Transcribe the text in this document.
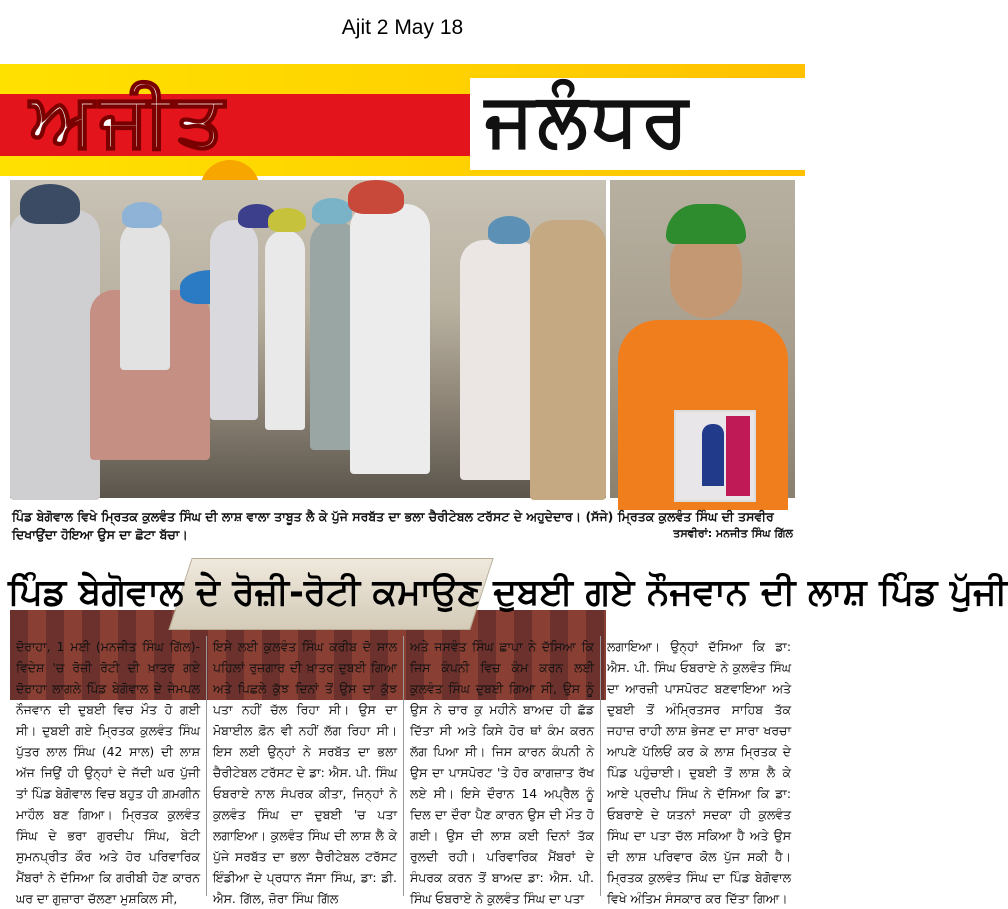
Ajit 2 May 18
ਅਜੀਤ	ਜਲੰਧਰ
ਪਿੰਡ ਬੇਗੋਵਾਲ ਵਿਖੇ ਮ੍ਰਿਤਕ ਕੁਲਵੰਤ ਸਿੰਘ ਦੀ ਲਾਸ਼ ਵਾਲਾ ਤਾਬੂਤ ਲੈ ਕੇ ਪੁੱਜੇ ਸਰਬੱਤ ਦਾ ਭਲਾ ਚੈਰੀਟੇਬਲ ਟਰੱਸਟ ਦੇ ਅਹੁਦੇਦਾਰ। (ਸੱਜੇ) ਮ੍ਰਿਤਕ ਕੁਲਵੰਤ ਸਿੰਘ ਦੀ ਤਸਵੀਰ ਦਿਖਾਉਂਦਾ ਹੋਇਆ ਉਸ ਦਾ ਛੋਟਾ ਬੱਚਾ।	ਤਸਵੀਰਾਂ: ਮਨਜੀਤ ਸਿੰਘ ਗਿੱਲ
ਪਿੰਡ ਬੇਗੋਵਾਲ ਦੇ ਰੋਜ਼ੀ-ਰੋਟੀ ਕਮਾਉਣ ਦੁਬਈ ਗਏ ਨੌਜਵਾਨ ਦੀ ਲਾਸ਼ ਪਿੰਡ ਪੁੱਜੀ
ਦੋਰਾਹਾ, 1 ਮਈ (ਮਨਜੀਤ ਸਿੰਘ ਗਿੱਲ)-ਵਿਦੇਸ਼ 'ਚ ਰੋਜ਼ੀ ਰੋਟੀ ਦੀ ਖ਼ਾਤਰ ਗਏ ਦੋਰਾਹਾ ਲਾਗਲੇ ਪਿੰਡ ਬੇਗੋਵਾਲ ਦੇ ਜੇਮਪਲ ਨੌਜਵਾਨ ਦੀ ਦੁਬਈ ਵਿਚ ਮੌਤ ਹੋ ਗਈ ਸੀ। ਦੁਬਈ ਗਏ ਮ੍ਰਿਤਕ ਕੁਲਵੰਤ ਸਿੰਘ ਪੁੱਤਰ ਲਾਲ ਸਿੰਘ (42 ਸਾਲ) ਦੀ ਲਾਸ਼ ਅੱਜ ਜਿਉਂ ਹੀ ਉਨ੍ਹਾਂ ਦੇ ਜੱਦੀ ਘਰ ਪੁੱਜੀ ਤਾਂ ਪਿੰਡ ਬੇਗੋਵਾਲ ਵਿਚ ਬਹੁਤ ਹੀ ਗ਼ਮਗੀਨ ਮਾਹੌਲ ਬਣ ਗਿਆ। ਮ੍ਰਿਤਕ ਕੁਲਵੰਤ ਸਿੰਘ ਦੇ ਭਰਾ ਗੁਰਦੀਪ ਸਿੰਘ, ਬੇਟੀ ਸੁਮਨਪ੍ਰੀਤ ਕੌਰ ਅਤੇ ਹੋਰ ਪਰਿਵਾਰਿਕ ਮੈਂਬਰਾਂ ਨੇ ਦੱਸਿਆ ਕਿ ਗਰੀਬੀ ਹੋਣ ਕਾਰਨ ਘਰ ਦਾ ਗੁਜ਼ਾਰਾ ਚੱਲਣਾ ਮੁਸ਼ਕਿਲ ਸੀ,
ਇਸੇ ਲਈ ਕੁਲਵੰਤ ਸਿੰਘ ਕਰੀਬ ਦੋ ਸਾਲ ਪਹਿਲਾਂ ਰੁਜ਼ਗਾਰ ਦੀ ਖ਼ਾਤਰ ਦੁਬਈ ਗਿਆ ਅਤੇ ਪਿਛਲੇ ਕੁੱਝ ਦਿਨਾਂ ਤੋਂ ਉਸ ਦਾ ਕੁੱਝ ਪਤਾ ਨਹੀਂ ਚੱਲ ਰਿਹਾ ਸੀ। ਉਸ ਦਾ ਮੋਬਾਈਲ ਫ਼ੋਨ ਵੀ ਨਹੀਂ ਲੱਗ ਰਿਹਾ ਸੀ। ਇਸ ਲਈ ਉਨ੍ਹਾਂ ਨੇ ਸਰਬੱਤ ਦਾ ਭਲਾ ਚੈਰੀਟੇਬਲ ਟਰੱਸਟ ਦੇ ਡਾ: ਐਸ. ਪੀ. ਸਿੰਘ ਓਬਰਾਏ ਨਾਲ ਸੰਪਰਕ ਕੀਤਾ, ਜਿਨ੍ਹਾਂ ਨੇ ਕੁਲਵੰਤ ਸਿੰਘ ਦਾ ਦੁਬਈ 'ਚ ਪਤਾ ਲਗਾਇਆ। ਕੁਲਵੰਤ ਸਿੰਘ ਦੀ ਲਾਸ਼ ਲੈ ਕੇ ਪੁੱਜੇ ਸਰਬੱਤ ਦਾ ਭਲਾ ਚੈਰੀਟੇਬਲ ਟਰੱਸਟ ਇੰਡੀਆ ਦੇ ਪ੍ਰਧਾਨ ਜੱਸਾ ਸਿੰਘ, ਡਾ: ਡੀ. ਐਸ. ਗਿੱਲ, ਜ਼ੋਰਾ ਸਿੰਘ ਗਿੱਲ
ਅਤੇ ਜਸਵੰਤ ਸਿੰਘ ਛਾਪਾ ਨੇ ਦੱਸਿਆ ਕਿ ਜਿਸ ਕੰਪਨੀ ਵਿਚ ਕੰਮ ਕਰਨ ਲਈ ਕੁਲਵੰਤ ਸਿੰਘ ਦੁਬਈ ਗਿਆ ਸੀ, ਉਸ ਨੂੰ ਉਸ ਨੇ ਚਾਰ ਕੁ ਮਹੀਨੇ ਬਾਅਦ ਹੀ ਛੱਡ ਦਿੱਤਾ ਸੀ ਅਤੇ ਕਿਸੇ ਹੋਰ ਥਾਂ ਕੰਮ ਕਰਨ ਲੱਗ ਪਿਆ ਸੀ। ਜਿਸ ਕਾਰਨ ਕੰਪਨੀ ਨੇ ਉਸ ਦਾ ਪਾਸਪੋਰਟ 'ਤੇ ਹੋਰ ਕਾਗਜ਼ਾਤ ਰੱਖ ਲਏ ਸੀ। ਇਸੇ ਦੌਰਾਨ 14 ਅਪ੍ਰੈਲ ਨੂੰ ਦਿਲ ਦਾ ਦੌਰਾ ਪੈਣ ਕਾਰਨ ਉਸ ਦੀ ਮੌਤ ਹੋ ਗਈ। ਉਸ ਦੀ ਲਾਸ਼ ਕਈ ਦਿਨਾਂ ਤੱਕ ਰੁਲਦੀ ਰਹੀ। ਪਰਿਵਾਰਿਕ ਮੈਂਬਰਾਂ ਦੇ ਸੰਪਰਕ ਕਰਨ ਤੋਂ ਬਾਅਦ ਡਾ: ਐਸ. ਪੀ. ਸਿੰਘ ਓਬਰਾਏ ਨੇ ਕੁਲਵੰਤ ਸਿੰਘ ਦਾ ਪਤਾ
ਲਗਾਇਆ। ਉਨ੍ਹਾਂ ਦੱਸਿਆ ਕਿ ਡਾ: ਐਸ. ਪੀ. ਸਿੰਘ ਓਬਰਾਏ ਨੇ ਕੁਲਵੰਤ ਸਿੰਘ ਦਾ ਆਰਜ਼ੀ ਪਾਸਪੋਰਟ ਬਣਵਾਇਆ ਅਤੇ ਦੁਬਈ ਤੋਂ ਅੰਮ੍ਰਿਤਸਰ ਸਾਹਿਬ ਤੱਕ ਜਹਾਜ਼ ਰਾਹੀ ਲਾਸ਼ ਭੇਜਣ ਦਾ ਸਾਰਾ ਖਰਚਾ ਆਪਣੇ ਪੱਲਿਓਂ ਕਰ ਕੇ ਲਾਸ਼ ਮ੍ਰਿਤਕ ਦੇ ਪਿੰਡ ਪਹੁੰਚਾਈ। ਦੁਬਈ ਤੋਂ ਲਾਸ਼ ਲੈ ਕੇ ਆਏ ਪ੍ਰਦੀਪ ਸਿੰਘ ਨੇ ਦੱਸਿਆ ਕਿ ਡਾ: ਓਬਰਾਏ ਦੇ ਯਤਨਾਂ ਸਦਕਾ ਹੀ ਕੁਲਵੰਤ ਸਿੰਘ ਦਾ ਪਤਾ ਚੱਲ ਸਕਿਆ ਹੈ ਅਤੇ ਉਸ ਦੀ ਲਾਸ਼ ਪਰਿਵਾਰ ਕੋਲ ਪੁੱਜ ਸਕੀ ਹੈ। ਮ੍ਰਿਤਕ ਕੁਲਵੰਤ ਸਿੰਘ ਦਾ ਪਿੰਡ ਬੇਗੋਵਾਲ ਵਿਖੇ ਅੰਤਿਮ ਸੰਸਕਾਰ ਕਰ ਦਿੱਤਾ ਗਿਆ।
